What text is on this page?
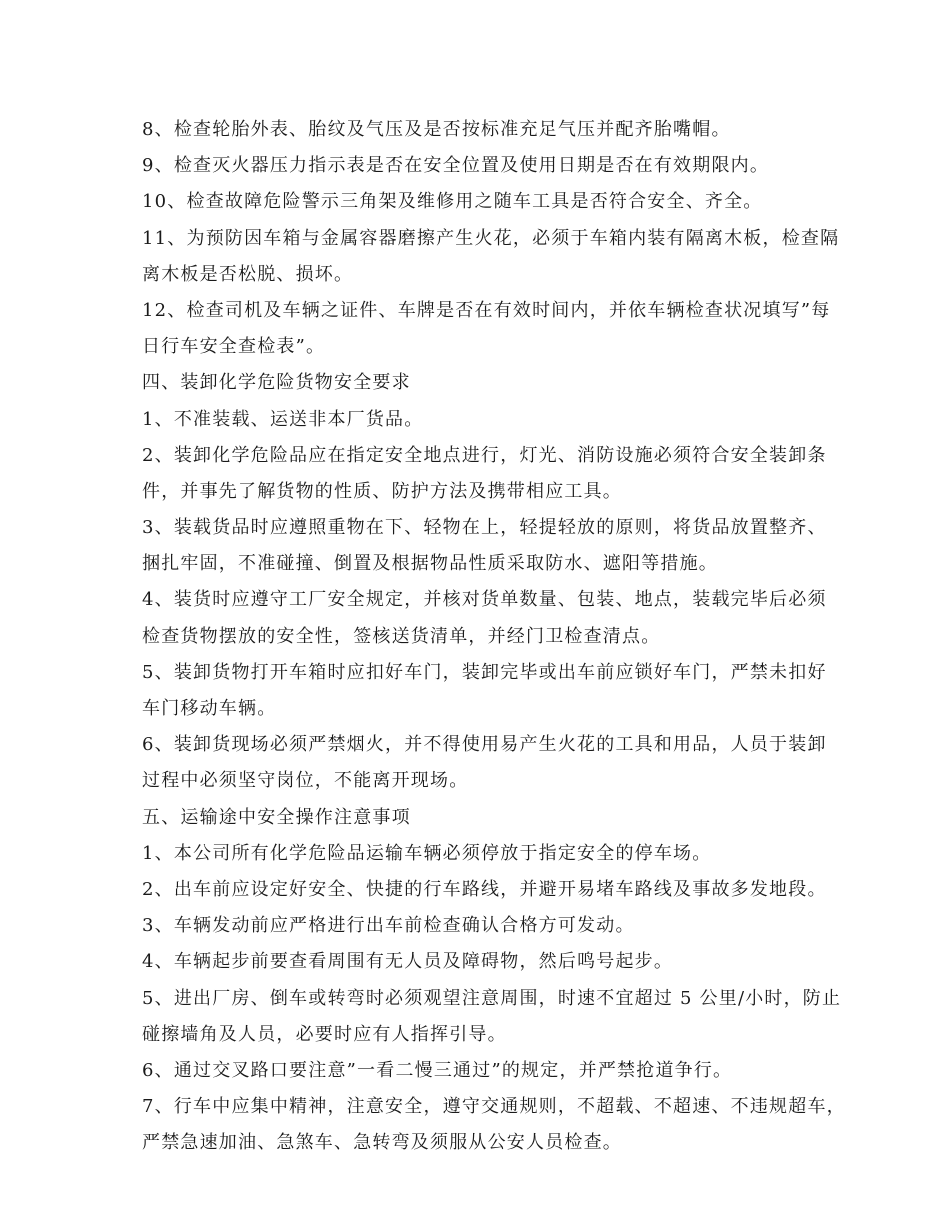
8、检查轮胎外表、胎纹及气压及是否按标准充足气压并配齐胎嘴帽。
9、检查灭火器压力指示表是否在安全位置及使用日期是否在有效期限内。
10、检查故障危险警示三角架及维修用之随车工具是否符合安全、齐全。
11、为预防因车箱与金属容器磨擦产生火花，必须于车箱内装有隔离木板，检查隔
离木板是否松脱、损坏。
12、检查司机及车辆之证件、车牌是否在有效时间内，并依车辆检查状况填写”每
日行车安全查检表”。
四、装卸化学危险货物安全要求
1、不准装载、运送非本厂货品。
2、装卸化学危险品应在指定安全地点进行，灯光、消防设施必须符合安全装卸条
件，并事先了解货物的性质、防护方法及携带相应工具。
3、装载货品时应遵照重物在下、轻物在上，轻提轻放的原则，将货品放置整齐、
捆扎牢固，不准碰撞、倒置及根据物品性质采取防水、遮阳等措施。
4、装货时应遵守工厂安全规定，并核对货单数量、包装、地点，装载完毕后必须
检查货物摆放的安全性，签核送货清单，并经门卫检查清点。
5、装卸货物打开车箱时应扣好车门，装卸完毕或出车前应锁好车门，严禁未扣好
车门移动车辆。
6、装卸货现场必须严禁烟火，并不得使用易产生火花的工具和用品，人员于装卸
过程中必须坚守岗位，不能离开现场。
五、运输途中安全操作注意事项
1、本公司所有化学危险品运输车辆必须停放于指定安全的停车场。
2、出车前应设定好安全、快捷的行车路线，并避开易堵车路线及事故多发地段。
3、车辆发动前应严格进行出车前检查确认合格方可发动。
4、车辆起步前要查看周围有无人员及障碍物，然后鸣号起步。
5、进出厂房、倒车或转弯时必须观望注意周围，时速不宜超过 5 公里/小时，防止
碰擦墙角及人员，必要时应有人指挥引导。
6、通过交叉路口要注意”一看二慢三通过”的规定，并严禁抢道争行。
7、行车中应集中精神，注意安全，遵守交通规则，不超载、不超速、不违规超车，
严禁急速加油、急煞车、急转弯及须服从公安人员检查。
